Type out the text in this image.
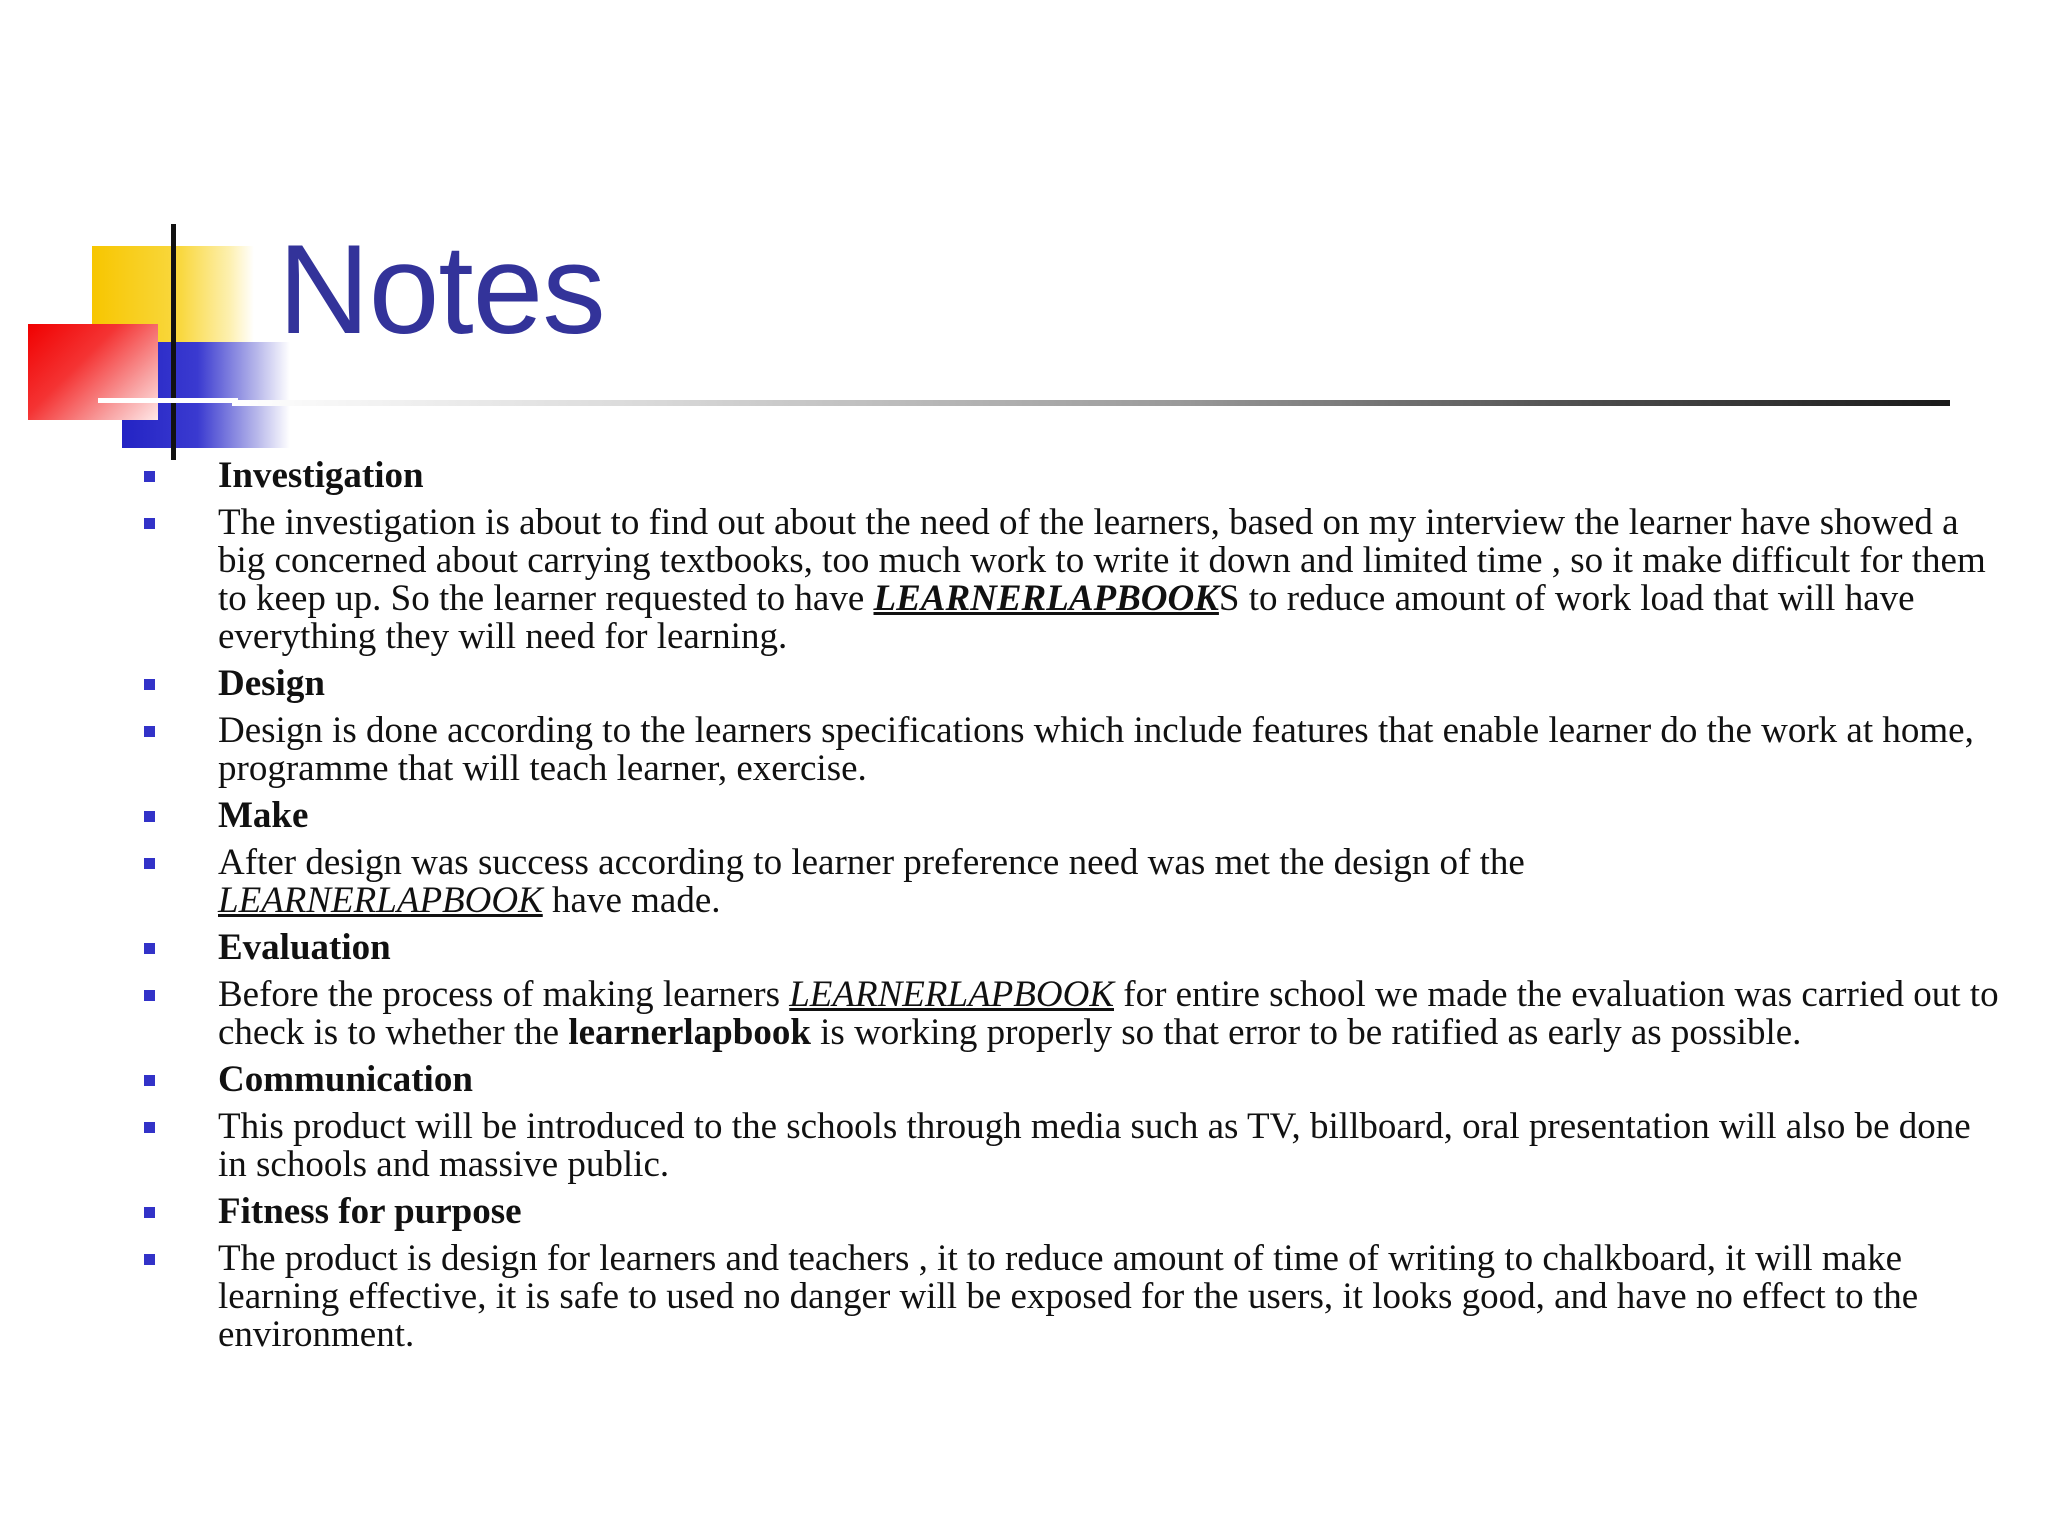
Notes
Investigation
The investigation is about to find out about the need of the learners, based on my interview the learner have showed a big concerned about carrying textbooks, too much work to write it down and limited time , so it make difficult for them to keep up. So the learner requested to have LEARNERLAPBOOKS to reduce amount of work load that will have everything they will need for learning.
Design
Design is done according to the learners specifications which include features that enable learner do the work at home, programme that will teach learner, exercise.
Make
After design was success according to learner preference need was met the design of the
LEARNERLAPBOOK have made.
Evaluation
Before the process of making learners LEARNERLAPBOOK for entire school we made the evaluation was carried out to check is to whether the learnerlapbook is working properly so that error to be ratified as early as possible.
Communication
This product will be introduced to the schools through media such as TV, billboard, oral presentation will also be done in schools and massive public.
Fitness for purpose
The product is design for learners and teachers , it to reduce amount of time of writing to chalkboard, it will make learning effective, it is safe to used no danger will be exposed for the users, it looks good, and have no effect to the environment.
